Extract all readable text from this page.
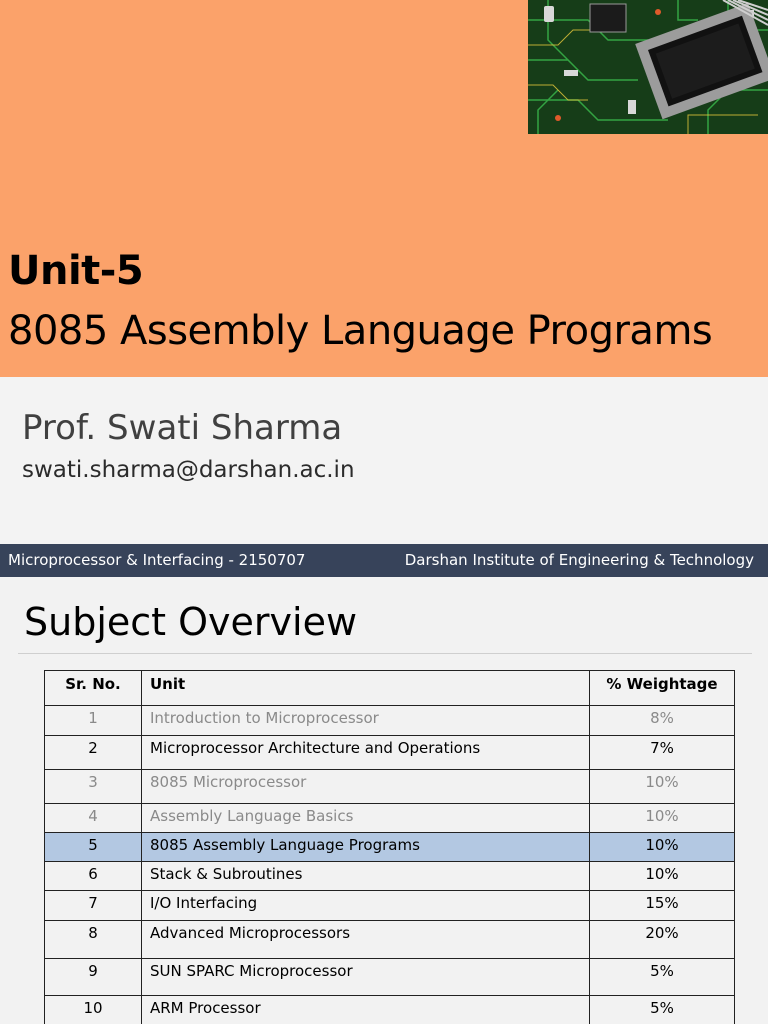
Unit-5
8085 Assembly Language Programs
Prof. Swati Sharma
swati.sharma@darshan.ac.in
Microprocessor & Interfacing - 2150707	Darshan Institute of Engineering & Technology
Subject Overview
Sr. No.	Unit	% Weightage
1	Introduction to Microprocessor	8%
2	Microprocessor Architecture and Operations	7%
3	8085 Microprocessor	10%
4	Assembly Language Basics	10%
5	8085 Assembly Language Programs	10%
6	Stack & Subroutines	10%
7	I/O Interfacing	15%
8	Advanced Microprocessors	20%
9	SUN SPARC Microprocessor	5%
10	ARM Processor	5%
